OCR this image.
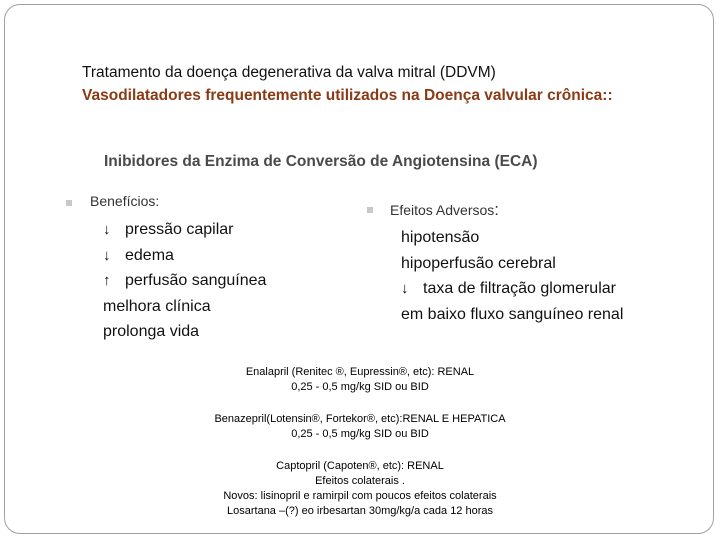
Tratamento da doença degenerativa da valva mitral (DDVM)
Vasodilatadores frequentemente utilizados na Doença valvular crônica::
Inibidores da Enzima de Conversão de Angiotensina (ECA)
Benefícios:
Efeitos Adversos:
↓ pressão capilar
↓ edema
↑ perfusão sanguínea
melhora clínica
prolonga vida
hipotensão
hipoperfusão cerebral
↓ taxa de filtração glomerular
em baixo fluxo sanguíneo renal
Enalapril (Renitec ®, Eupressin®, etc): RENAL
0,25 - 0,5 mg/kg SID ou BID
Benazepril(Lotensin®, Fortekor®, etc):RENAL E HEPATICA
0,25 - 0,5 mg/kg SID ou BID
Captopril (Capoten®, etc): RENAL
Efeitos colaterais .
Novos: lisinopril e ramirpil com poucos efeitos colaterais
Losartana –(?) eo irbesartan 30mg/kg/a cada 12 horas
